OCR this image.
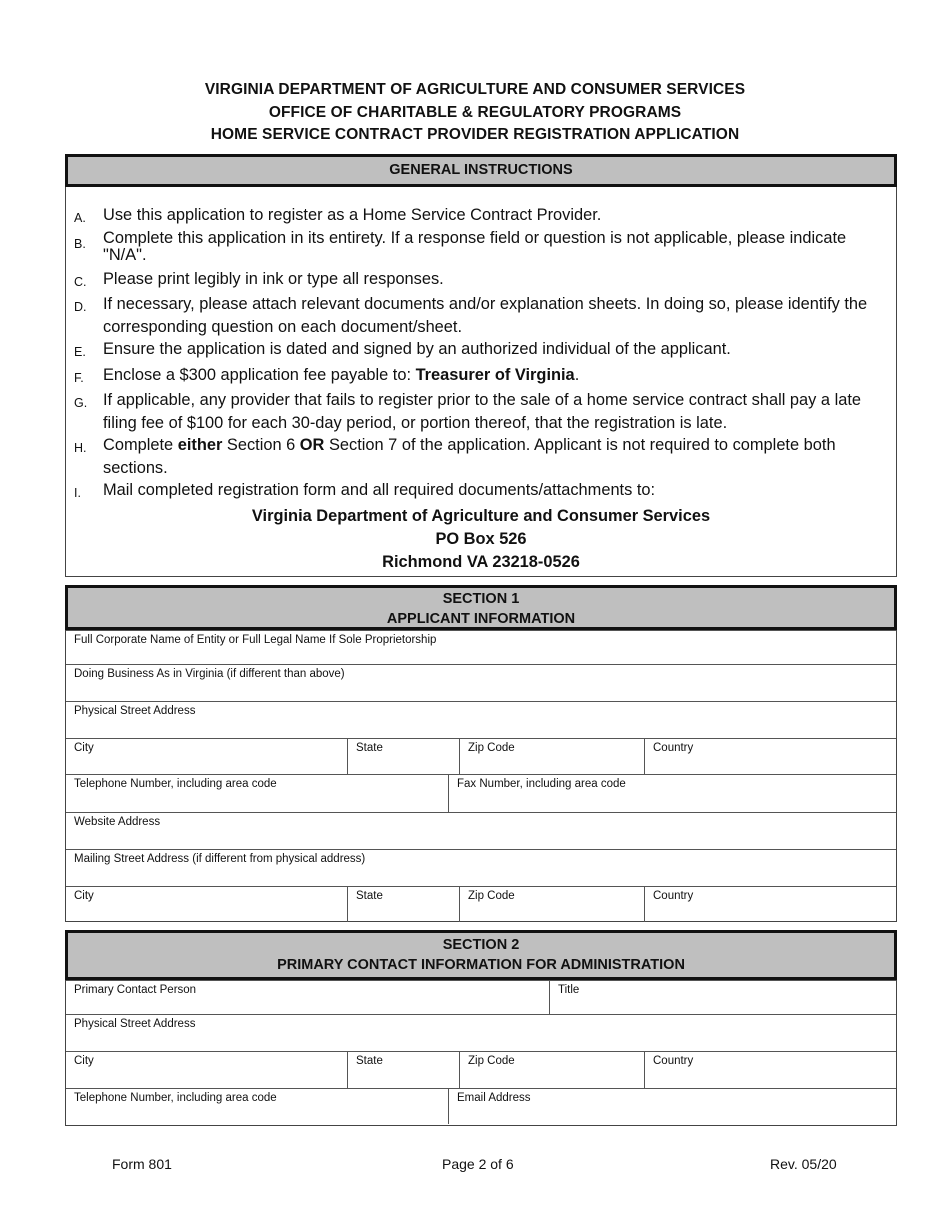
VIRGINIA DEPARTMENT OF AGRICULTURE AND CONSUMER SERVICES
OFFICE OF CHARITABLE & REGULATORY PROGRAMS
HOME SERVICE CONTRACT PROVIDER REGISTRATION APPLICATION
GENERAL INSTRUCTIONS
A.	Use this application to register as a Home Service Contract Provider.
B.	Complete this application in its entirety. If a response field or question is not applicable, please indicate "N/A".
C.	Please print legibly in ink or type all responses.
D.	If necessary, please attach relevant documents and/or explanation sheets. In doing so, please identify the corresponding question on each document/sheet.
E.	Ensure the application is dated and signed by an authorized individual of the applicant.
F.	Enclose a $300 application fee payable to: Treasurer of Virginia.
G. If applicable, any provider that fails to register prior to the sale of a home service contract shall pay a late filing fee of $100 for each 30-day period, or portion thereof, that the registration is late.
H.	Complete either Section 6 OR Section 7 of the application. Applicant is not required to complete both sections.
I.	Mail completed registration form and all required documents/attachments to:
Virginia Department of Agriculture and Consumer Services
PO Box 526
Richmond VA 23218-0526
SECTION 1
APPLICANT INFORMATION
Full Corporate Name of Entity or Full Legal Name If Sole Proprietorship
Doing Business As in Virginia (if different than above)
Physical Street Address
City	State	Zip Code	Country
Telephone Number, including area code	Fax Number, including area code
Website Address
Mailing Street Address (if different from physical address)
City	State	Zip Code	Country
SECTION 2
PRIMARY CONTACT INFORMATION FOR ADMINISTRATION
Primary Contact Person	Title
Physical Street Address
City	State	Zip Code	Country
Telephone Number, including area code	Email Address
Form 801	Page 2 of 6	Rev. 05/20
